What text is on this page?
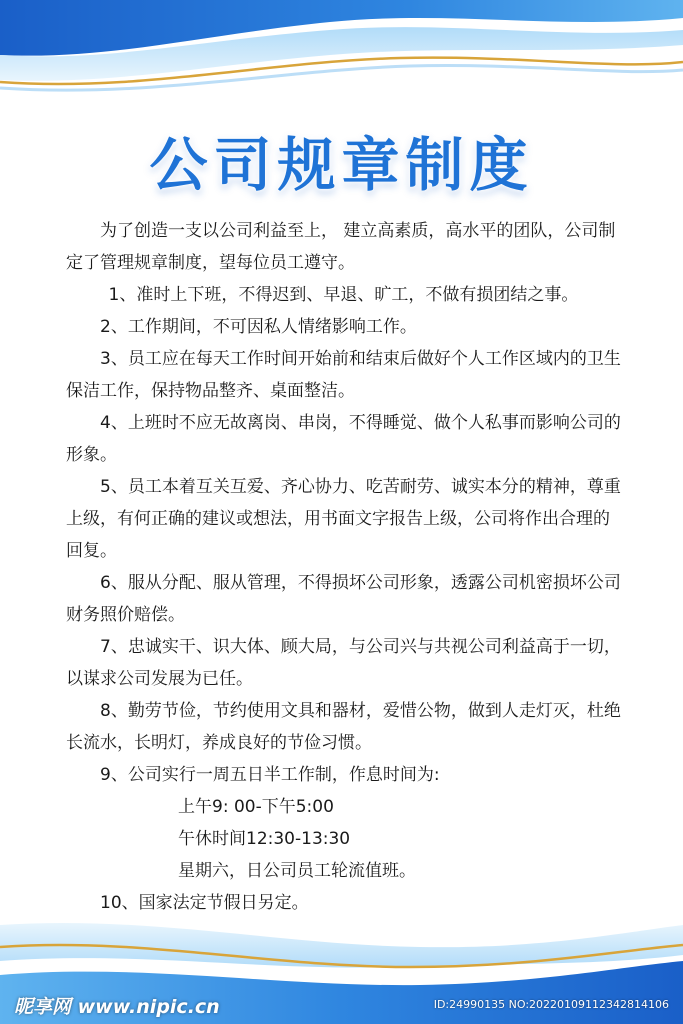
公司规章制度

为了创造一支以公司利益至上， 建立高素质，高水平的团队，公司制定了管理规章制度，望每位员工遵守。

1、准时上下班，不得迟到、早退、旷工，不做有损团结之事。

2、工作期间，不可因私人情绪影响工作。

3、员工应在每天工作时间开始前和结束后做好个人工作区域内的卫生保洁工作，保持物品整齐、桌面整洁。

4、上班时不应无故离岗、串岗，不得睡觉、做个人私事而影响公司的形象。

5、员工本着互关互爱、齐心协力、吃苦耐劳、诚实本分的精神，尊重上级，有何正确的建议或想法，用书面文字报告上级，公司将作出合理的回复。

6、服从分配、服从管理，不得损坏公司形象，透露公司机密损坏公司财务照价赔偿。

7、忠诚实干、识大体、顾大局，与公司兴与共视公司利益高于一切，以谋求公司发展为已任。

8、勤劳节俭，节约使用文具和器材，爱惜公物，做到人走灯灭，杜绝长流水，长明灯，养成良好的节俭习惯。

9、公司实行一周五日半工作制，作息时间为:

上午9: 00-下午5:00

午休时间12:30-13:30

星期六，日公司员工轮流值班。

10、国家法定节假日另定。

昵享网 www.nipic.cn	ID:24990135 NO:20220109112342814106
